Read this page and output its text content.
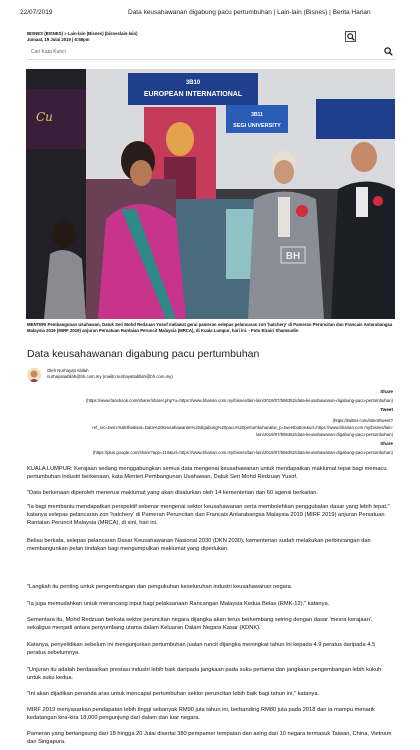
22/07/2019	Data keusahawanan digabung pacu pertumbuhan | Lain-lain (Bisnes) | Berita Harian
BISNES (BISNES) » Lain-lain (Bisnes) (bisneslain-lain)
Jumaat, 19 Julai 2019 | 6:58pm
Cari Kata Kunci
Cu
3B10
EUROPEAN INTERNATIONAL
3B11
SEGI UNIVERSITY
BH
MENTERI Pembangunan Usahawan, Datuk Seri Mohd Redzuan Yusof melawat gerai pameran selepas pelancaran zon 'hatchery' di Pameran Peruncitan dan Francais Antarabangsa Malaysia 2019 (MIRF 2019) anjuran Persatuan Rantaian Peruncit Malaysia (MRCA), di Kuala Lumpur, hari ini. - Foto Eizairi Shamsudin
Data keusahawanan digabung pacu pertumbuhan
Oleh Nurhayati Abllah
nurhayatiabllah@bh.com.my (mailto:nurhayatiabllah@bh.com.my)
Share
(https://www.facebook.com/sharer/sharer.php?u=https://www.bharian.com.my/bisnes/lain-lain/2019/07/586352/data-keusahawanan-digabung-pacu-pertumbuhan)
Tweet
(https://twitter.com/intent/tweet?
ref_src=twsrc%5Etfw&text=Data%20keusahawanan%20digabung%20pacu%20pertumbuhan&tw_p=tweetbutton&url=https://www.bharian.com.my/bisnes/lain-
lain/2019/07/586352/data-keusahawanan-digabung-pacu-pertumbuhan)
Share
(https://plus.google.com/share?app=110&url=https://www.bharian.com.my/bisnes/lain-lain/2019/07/586352/data-keusahawanan-digabung-pacu-pertumbuhan)
KUALA LUMPUR: Kerajaan sedang menggabungkan semua data mengenai keusahawanan untuk mendapatkan maklumat tepat bagi memacu pertumbuhan industri berkenaan, kata Menteri Pembangunan Usahawan, Datuk Seri Mohd Redzuan Yusof.
"Data berkenaan diperoleh menerusi maklumat yang akan disalurkan oleh 14 kementerian dan 60 agensi berkaitan.
"Ia bagi membantu mendapatkan perspektif sebenar mengenai sektor keusahawanan serta membolehkan penggubalan dasar yang lebih tepat," katanya selepas pelancaran zon 'hatchery' di Pameran Peruncitan dan Francais Antarabangsa Malaysia 2019 (MIRF 2019) anjuran Persatuan Rantaian Peruncit Malaysia (MRCA), di sini, hari ini.
Beliau berkata, selepas pelancaran Dasar Keusahawanan Nasional 2030 (DKN 2030), kementerian sudah melakukan perbincangan dan membangunkan pelan tindakan bagi mengumpulkan maklumat yang diperlukan.
"Langkah itu penting untuk pengembangan dan pengukuhan keseluruhan industri keusahawanan negara.
"Ia juga memudahkan untuk merancang input bagi pelaksanaan Rancangan Malaysia Kedua Belas (RMK-12)," katanya.
Sementara itu, Mohd Redzuan berkata sektor peruncitan negara dijangka akan terus berkembang seiring dengan dasar 'mesra kerajaan', sekaligus menjadi antara penyumbang utama dalam Keluaran Dalam Negara Kasar (KDNK).
Katanya, penyelidikan sebelum ini mengunjurkan pertumbuhan jualan runcit dijangka meningkat tahun ini kepada 4.9 peratus daripada 4.5 peratus sebelumnya.
"Unjuran itu adalah berdasarkan prestasi industri lebih baik daripada jangkaan pada suku pertama dan jangkaan pengembangan lebih kukuh untuk suku kedua.
"Ini akan dijadikan penanda aras untuk mencapai pertumbuhan sektor peruncitan lebih baik bagi tahun ini," katanya.
MIRF 2019 menyasarkan pendapatan lebih tinggi sebanyak RM90 juta tahun ini, berbanding RM80 juta pada 2018 dan ia mampu menarik kedatangan kira-kira 18,000 pengunjung dari dalam dan luar negara.
Pameran yang berlangsung dari 18 hingga 20 Julai disertai 380 pempamer tempatan dan asing dari 10 negara termasuk Taiwan, China, Vietnam dan Singapura.
